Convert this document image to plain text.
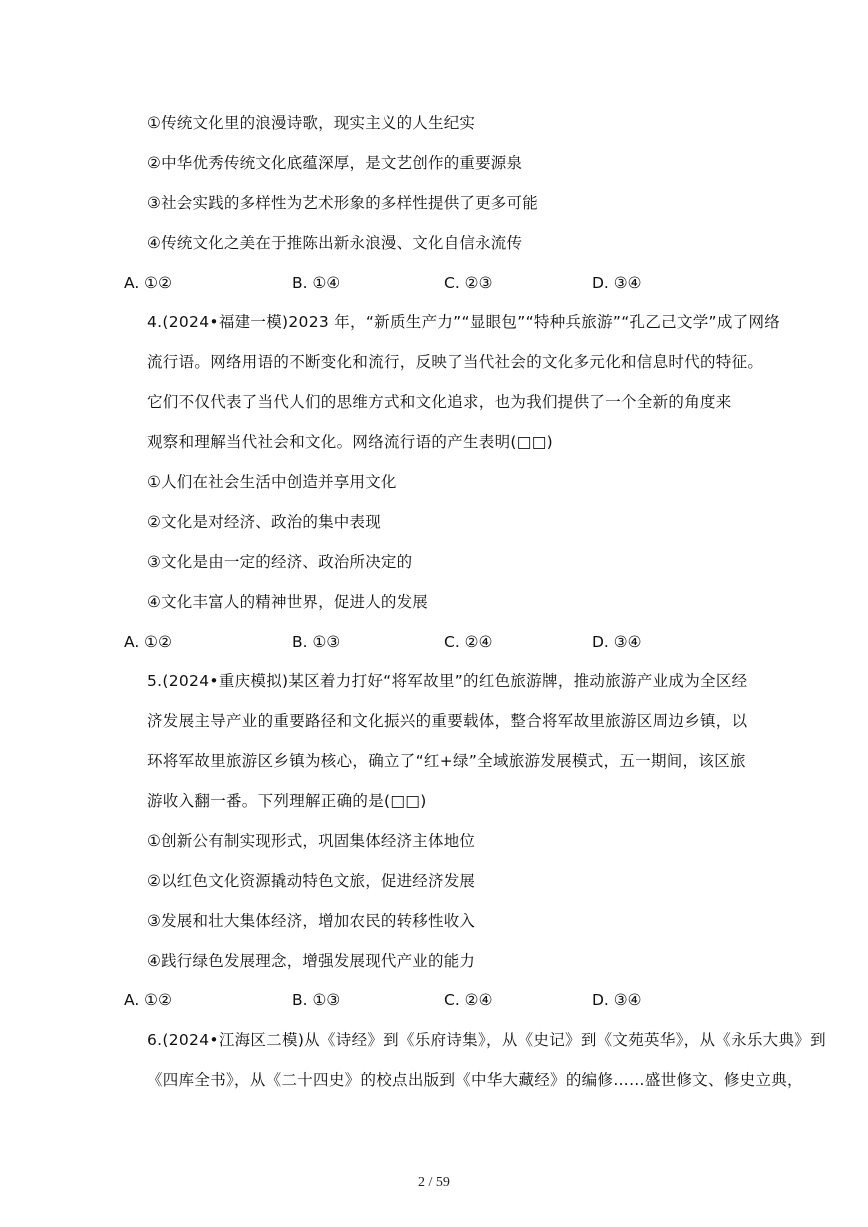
①传统文化里的浪漫诗歌，现实主义的人生纪实
②中华优秀传统文化底蕴深厚，是文艺创作的重要源泉
③社会实践的多样性为艺术形象的多样性提供了更多可能
④传统文化之美在于推陈出新永浪漫、文化自信永流传
A. ①②	B. ①④	C. ②③	D. ③④
4.(2024•福建一模)2023 年，“新质生产力”“显眼包”“特种兵旅游”“孔乙己文学”成了网络
流行语。网络用语的不断变化和流行，反映了当代社会的文化多元化和信息时代的特征。
它们不仅代表了当代人们的思维方式和文化追求，也为我们提供了一个全新的角度来
观察和理解当代社会和文化。网络流行语的产生表明(□□)
①人们在社会生活中创造并享用文化
②文化是对经济、政治的集中表现
③文化是由一定的经济、政治所决定的
④文化丰富人的精神世界，促进人的发展
A. ①②	B. ①③	C. ②④	D. ③④
5.(2024•重庆模拟)某区着力打好“将军故里”的红色旅游牌，推动旅游产业成为全区经
济发展主导产业的重要路径和文化振兴的重要载体，整合将军故里旅游区周边乡镇，以
环将军故里旅游区乡镇为核心，确立了“红+绿”全域旅游发展模式，五一期间，该区旅
游收入翻一番。下列理解正确的是(□□)
①创新公有制实现形式，巩固集体经济主体地位
②以红色文化资源撬动特色文旅，促进经济发展
③发展和壮大集体经济，增加农民的转移性收入
④践行绿色发展理念，增强发展现代产业的能力
A. ①②	B. ①③	C. ②④	D. ③④
6.(2024•江海区二模)从《诗经》到《乐府诗集》，从《史记》到《文苑英华》，从《永乐大典》到
《四库全书》，从《二十四史》的校点出版到《中华大藏经》的编修……盛世修文、修史立典，
2 / 59
